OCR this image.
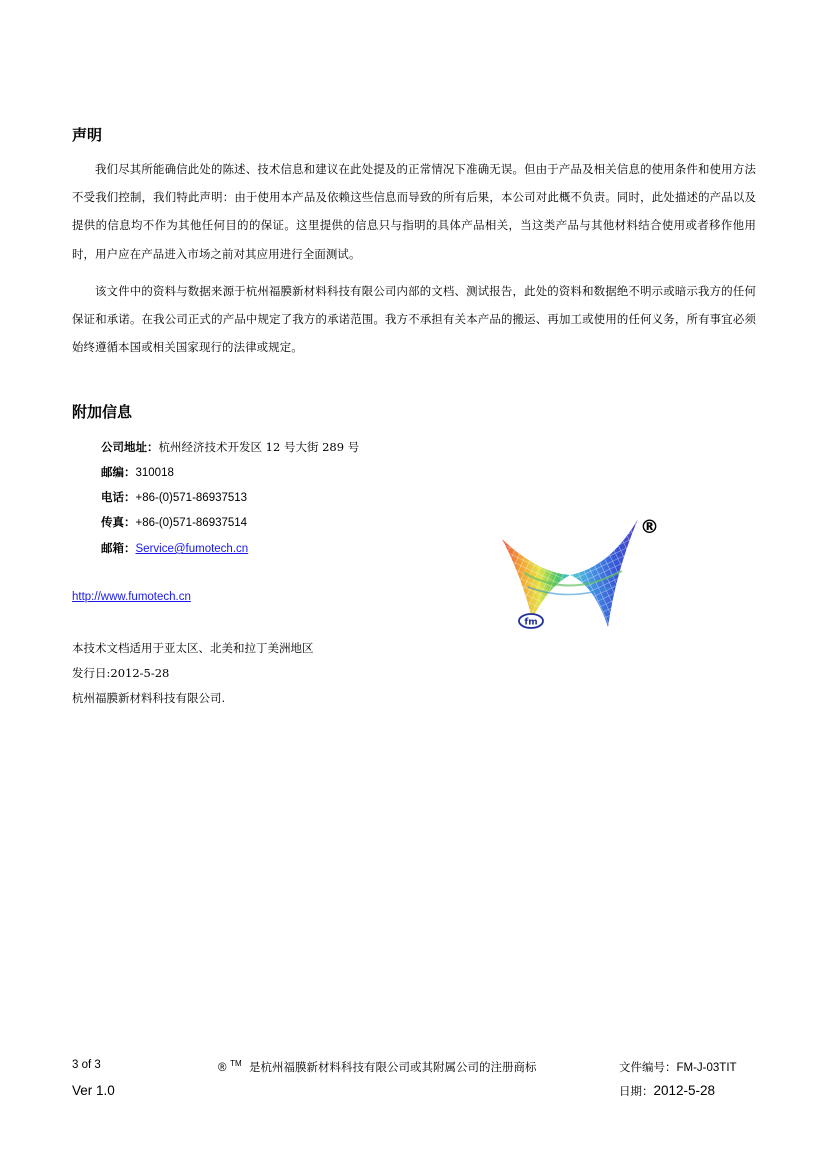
声明
我们尽其所能确信此处的陈述、技术信息和建议在此处提及的正常情况下准确无误。但由于产品及相关信息的使用条件和使用方法不受我们控制，我们特此声明：由于使用本产品及依赖这些信息而导致的所有后果，本公司对此概不负责。同时，此处描述的产品以及提供的信息均不作为其他任何目的的保证。这里提供的信息只与指明的具体产品相关，当这类产品与其他材料结合使用或者移作他用时，用户应在产品进入市场之前对其应用进行全面测试。
该文件中的资料与数据来源于杭州福膜新材料科技有限公司内部的文档、测试报告，此处的资料和数据绝不明示或暗示我方的任何保证和承诺。在我公司正式的产品中规定了我方的承诺范围。我方不承担有关本产品的搬运、再加工或使用的任何义务，所有事宜必须始终遵循本国或相关国家现行的法律或规定。
附加信息
公司地址：杭州经济技术开发区 12 号大街 289 号
邮编：310018
电话：+86-(0)571-86937513
传真：+86-(0)571-86937514
邮箱：Service@fumotech.cn
http://www.fumotech.cn
本技术文档适用于亚太区、北美和拉丁美洲地区
发行日:2012-5-28
杭州福膜新材料科技有限公司.
fm
®
3 of 3
Ver 1.0
® ™ 是杭州福膜新材料科技有限公司或其附属公司的注册商标	文件编号：FM-J-03TIT
日期：2012-5-28
